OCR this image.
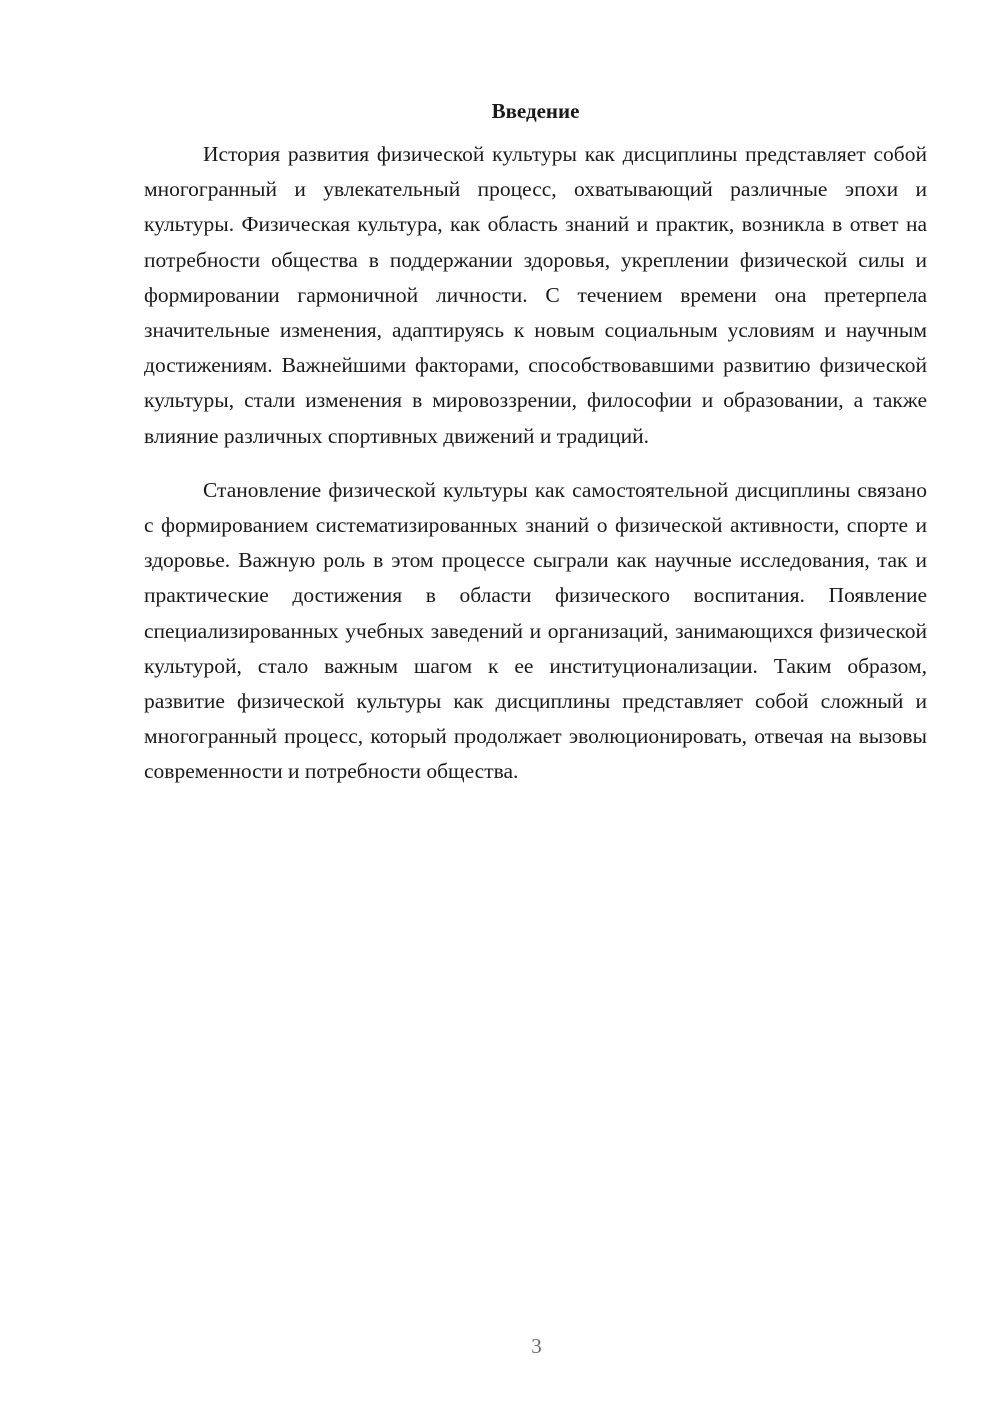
Введение

История развития физической культуры как дисциплины представляет собой многогранный и увлекательный процесс, охватывающий различные эпохи и культуры. Физическая культура, как область знаний и практик, возникла в ответ на потребности общества в поддержании здоровья, укреплении физической силы и формировании гармоничной личности. С течением времени она претерпела значительные изменения, адаптируясь к новым социальным условиям и научным достижениям. Важнейшими факторами, способствовавшими развитию физической культуры, стали изменения в мировоззрении, философии и образовании, а также влияние различных спортивных движений и традиций.

Становление физической культуры как самостоятельной дисциплины связано с формированием систематизированных знаний о физической активности, спорте и здоровье. Важную роль в этом процессе сыграли как научные исследования, так и практические достижения в области физического воспитания. Появление специализированных учебных заведений и организаций, занимающихся физической культурой, стало важным шагом к ее институционализации. Таким образом, развитие физической культуры как дисциплины представляет собой сложный и многогранный процесс, который продолжает эволюционировать, отвечая на вызовы современности и потребности общества.

3
